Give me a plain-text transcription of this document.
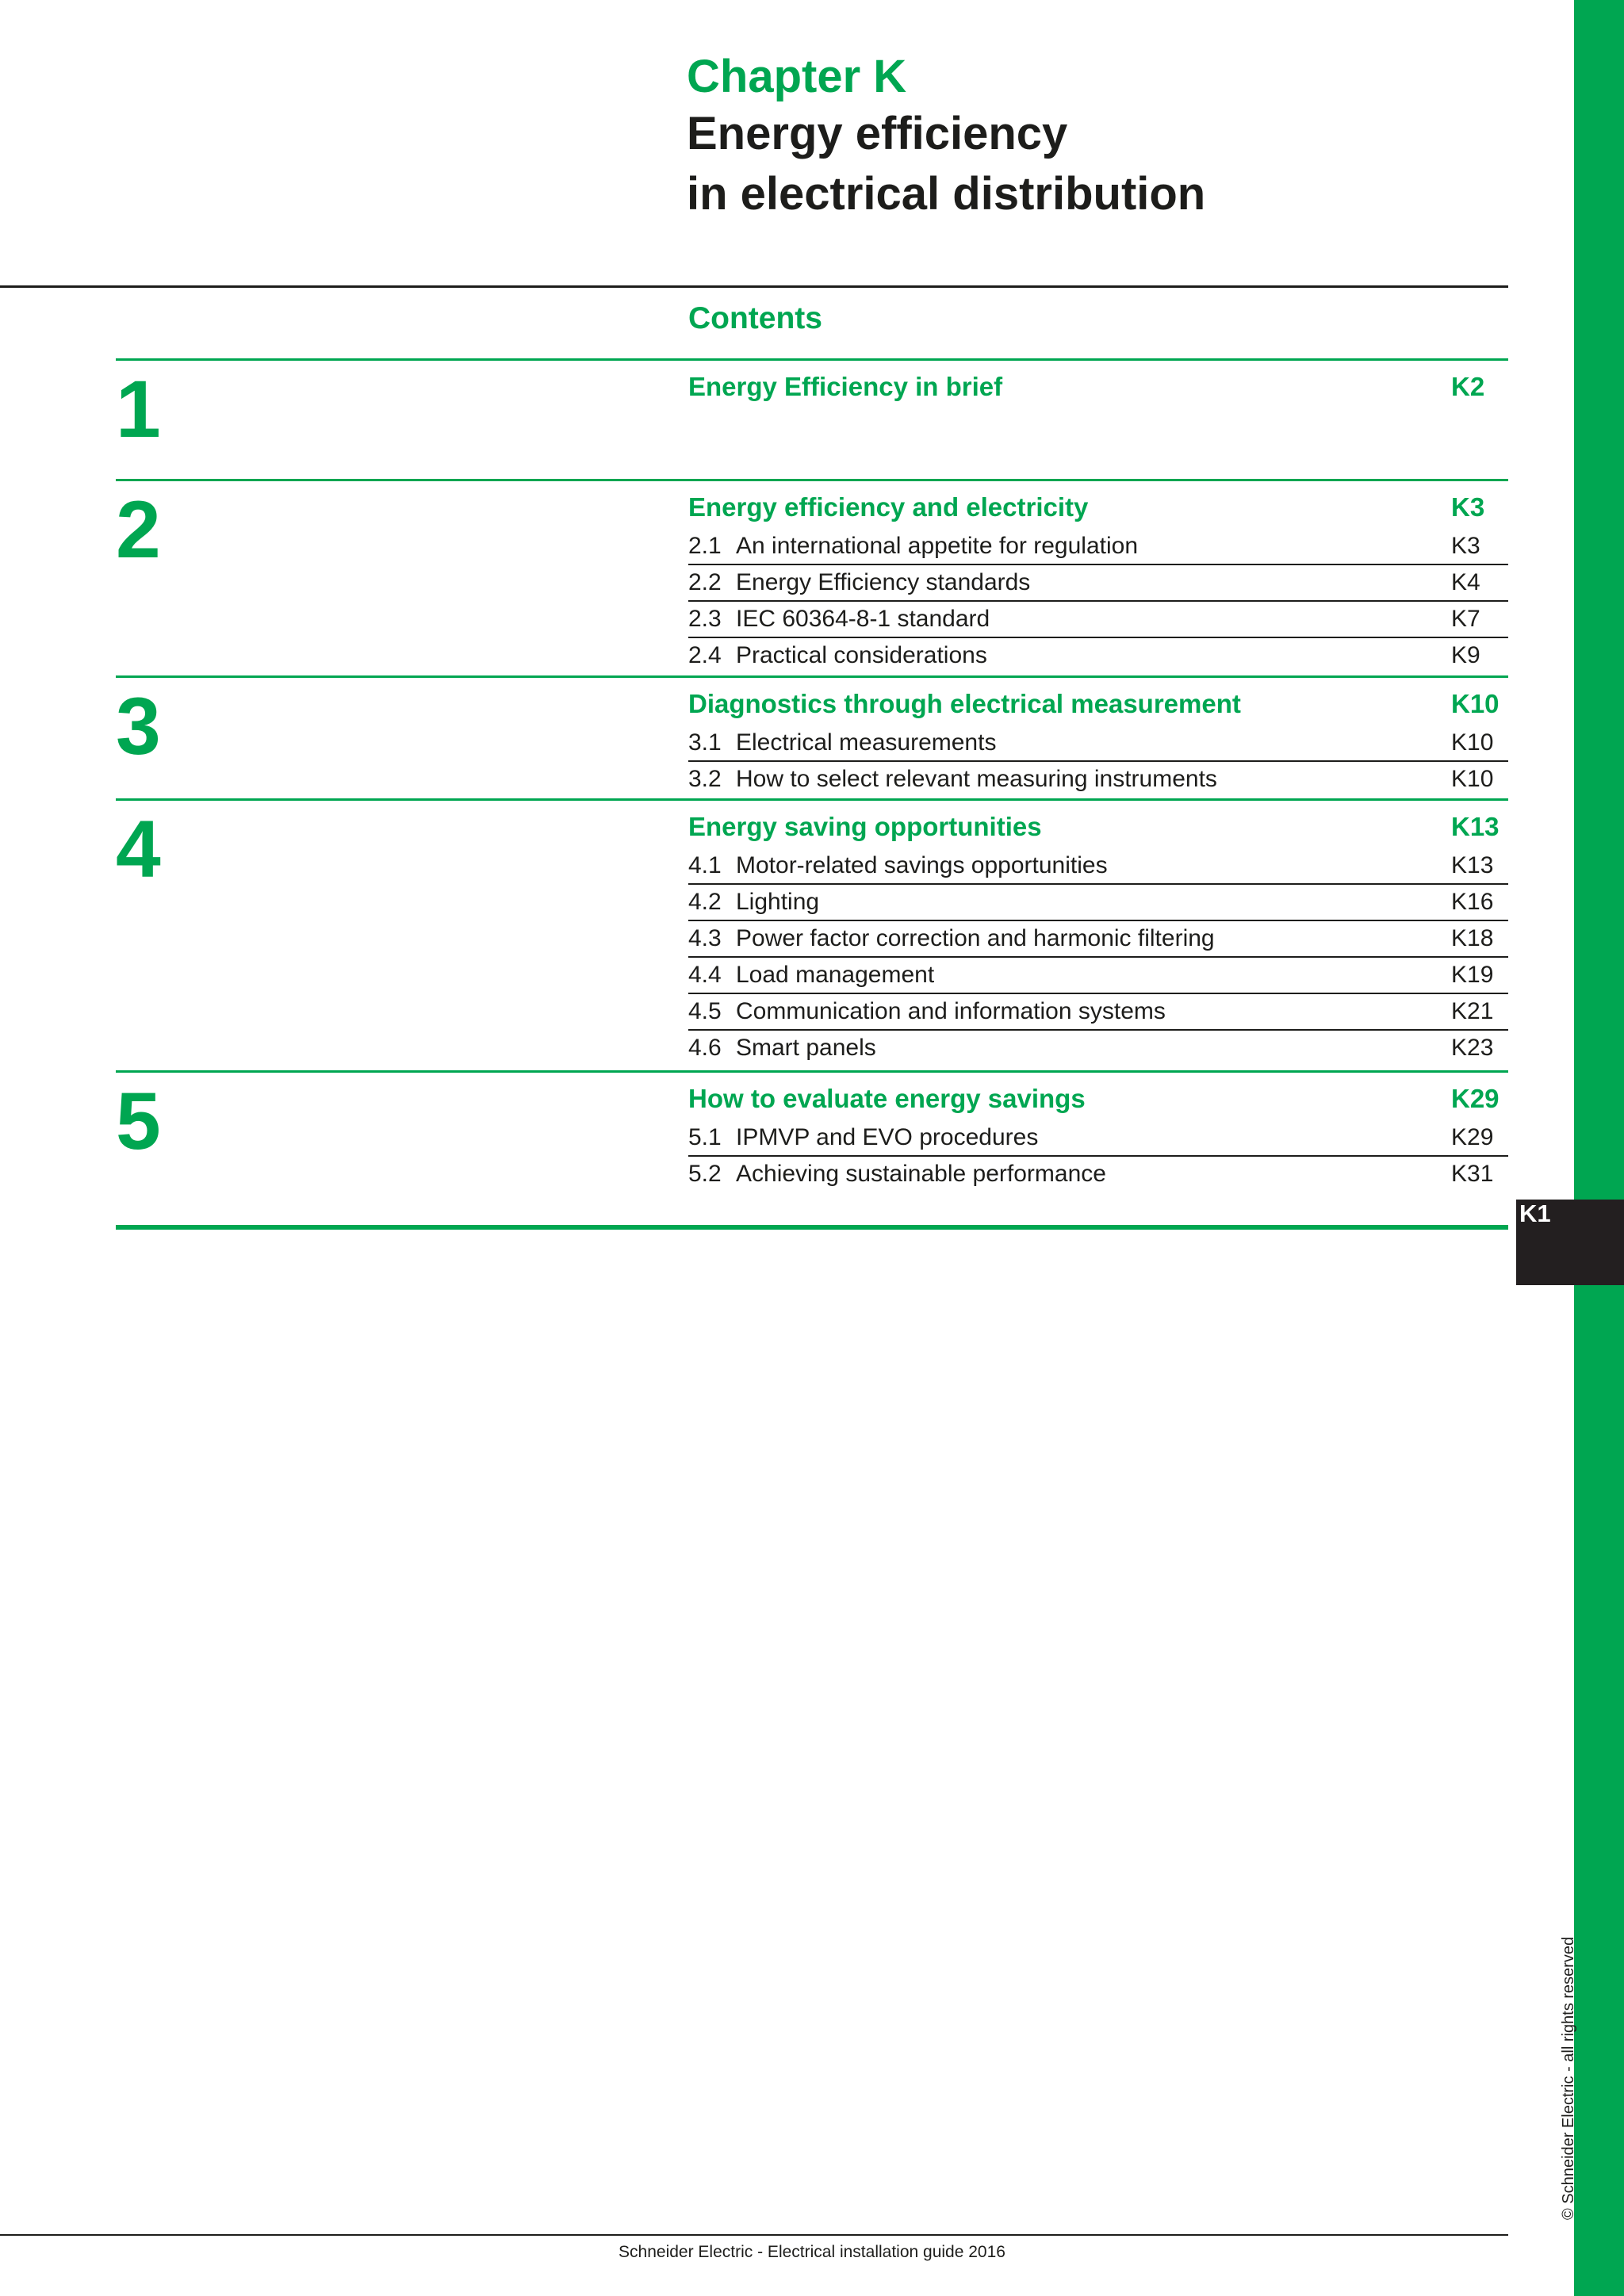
K1
© Schneider Electric - all rights reserved
Chapter K
Energy efficiency
in electrical distribution
Contents
1	Energy Efficiency in brief	K2
2	Energy efficiency and electricity	K3
2.1 An international appetite for regulation	K3
2.2 Energy Efficiency standards	K4
2.3 IEC 60364-8-1 standard	K7
2.4 Practical considerations	K9
3	Diagnostics through electrical measurement	K10
3.1 Electrical measurements	K10
3.2 How to select relevant measuring instruments	K10
4	Energy saving opportunities	K13
4.1 Motor-related savings opportunities	K13
4.2 Lighting	K16
4.3 Power factor correction and harmonic filtering	K18
4.4 Load management	K19
4.5 Communication and information systems	K21
4.6 Smart panels	K23
5	How to evaluate energy savings	K29
5.1 IPMVP and EVO procedures	K29
5.2 Achieving sustainable performance	K31
Schneider Electric - Electrical installation guide 2016
